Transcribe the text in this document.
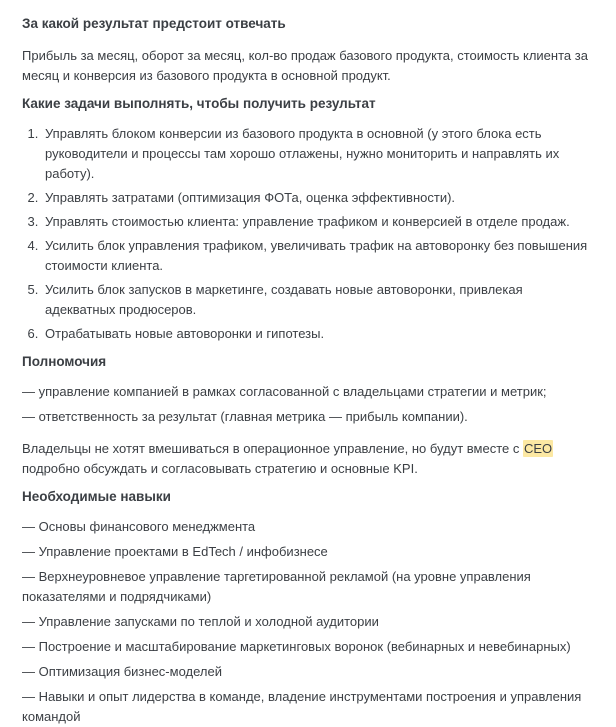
За какой результат предстоит отвечать

Прибыль за месяц, оборот за месяц, кол-во продаж базового продукта, стоимость клиента за месяц и конверсия из базового продукта в основной продукт.

Какие задачи выполнять, чтобы получить результат
1. Управлять блоком конверсии из базового продукта в основной (у этого блока есть руководители и процессы там хорошо отлажены, нужно мониторить и направлять их работу).
2. Управлять затратами (оптимизация ФОТа, оценка эффективности).
3. Управлять стоимостью клиента: управление трафиком и конверсией в отделе продаж.
4. Усилить блок управления трафиком, увеличивать трафик на автоворонку без повышения стоимости клиента.
5. Усилить блок запусков в маркетинге, создавать новые автоворонки, привлекая адекватных продюсеров.
6. Отрабатывать новые автоворонки и гипотезы.
Полномочия

— управление компанией в рамках согласованной с владельцами стратегии и метрик;

— ответственность за результат (главная метрика — прибыль компании).

Владельцы не хотят вмешиваться в операционное управление, но будут вместе с CEO подробно обсуждать и согласовывать стратегию и основные KPI.

Необходимые навыки

— Основы финансового менеджмента

— Управление проектами в EdTech / инфобизнесе

— Верхнеуровневое управление таргетированной рекламой (на уровне управления показателями и подрядчиками)

— Управление запусками по теплой и холодной аудитории

— Построение и масштабирование маркетинговых воронок (вебинарных и невебинарных)

— Оптимизация бизнес-моделей

— Навыки и опыт лидерства в команде, владение инструментами построения и управления командой
